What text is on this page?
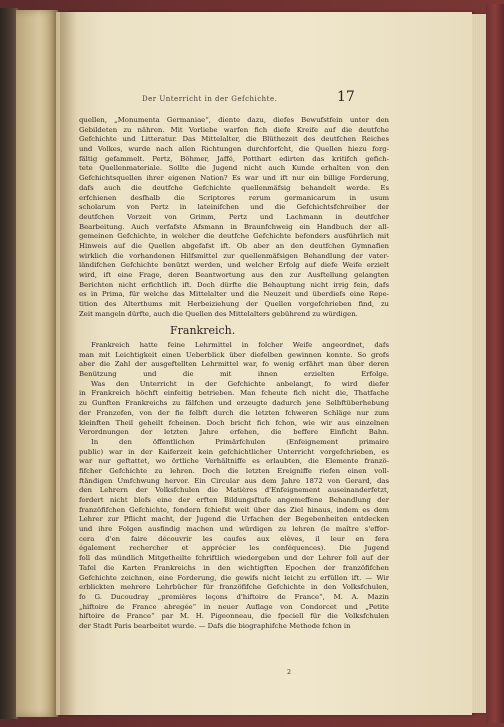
Der Unterricht in der Gefchichte.	17
quellen, „Monumenta Germaniae“, diente dazu, diefes Bewufstfein unter den
Gebildeten zu nähren. Mit Vorliebe warfen fich diefe Kreife auf die deutfche
Gefchichte und Litteratur. Das Mittelalter, die Blüthezeit des deutfchen Reiches
und Volkes, wurde nach allen Richtungen durchforfcht, die Quellen hiezu forg-
fältig gefammelt. Pertz, Böhmer, Jaffé, Potthart edirten das kritifch gefich-
tete Quellenmateriale. Sollte die Jugend nicht auch Kunde erhalten von den
Gefchichtsquellen ihrer eigenen Nation? Es war und ift nur ein billige Forderung,
dafs auch die deutfche Gefchichte quellenmäfsig behandelt werde. Es
erfchienen desfhalb die Scriptores rerum germanicarum in usum
scholarum von Pertz in lateinifchen und die Gefchichtsfchreiber der
deutfchen Vorzeit von Grimm, Pertz und Lachmann in deutfcher
Bearbeitung. Auch verfafste Afsmann in Braunfchweig ein Handbuch der all-
gemeinen Gefchichte, in welcher die deutfche Gefchichte befonders ausführlich mit
Hinweis auf die Quellen abgefafst ift. Ob aber an den deutfchen Gymnafien
wirklich die vorhandenen Hilfsmittel zur quellenmäfsigen Behandlung der vater-
ländifchen Gefchichte benützt werden, und welcher Erfolg auf diefe Weife erzielt
wird, ift eine Frage, deren Beantwortung aus den zur Ausftellung gelangten
Berichten nicht erfichtlich ift. Doch dürfte die Behauptung nicht irrig fein, dafs
es in Prima, für welche das Mittelalter und die Neuzeit und überdiefs eine Repe-
tition des Alterthums mit Herbeiziehung der Quellen vorgefchrieben find, zu
Zeit mangeln dürfte, auch die Quellen des Mittelalters gebührend zu würdigen.
Frankreich.
Frankreich hatte feine Lehrmittel in folcher Weife angeordnet, dafs
man mit Leichtigkeit einen Ueberblick über diefelben gewinnen konnte. So grofs
aber die Zahl der ausgeftellten Lehrmittel war, fo wenig erfährt man über deren
Benützung und die mit ihnen erzielten Erfolge.
Was den Unterricht in der Gefchichte anbelangt, fo wird diefer
in Frankreich höchft einfeitig betrieben. Man fcheute fich nicht die, Thatfache
zu Gunften Frankreichs zu fälfchen und erzeugte dadurch jene Selbftüberhebung
der Franzofen, von der fie felbft durch die letzten fchweren Schläge nur zum
kleinften Theil geheilt fcheinen. Doch bricht fich fchon, wie wir aus einzelnen
Verordnungen der letzten Jahre erfehen, die beffere Einficht Bahn.
In den öffentlichen Primärfchulen (Enfeignement primaire
public) war in der Kaiferzeit kein gefchichtlicher Unterricht vorgefchrieben, es
war nur geftattet, wo örtliche Verhältniffe es erlaubten, die Elemente franzö-
fifcher Gefchichte zu lehren. Doch die letzten Ereigniffe riefen einen voll-
ftändigen Umfchwung hervor. Ein Circular aus dem Jahre 1872 von Gerard, das
den Lehrern der Volksfchulen die Matières d'Enfeignement auseinanderfetzt,
fordert nicht blofs eine der erften Bildungsftufe angemeffene Behandlung der
franzöfifchen Gefchichte, fondern fchiefst weit über das Ziel hinaus, indem es dem
Lehrer zur Pflicht macht, der Jugend die Urfachen der Begebenheiten entdecken
und ihre Folgen ausfindig machen und würdigen zu lehren (le maître s'effor-
cera d'en faire découvrir les caufes aux elèves, il leur en fera
également rechercher et apprécier les conféquences). Die Jugend
foll das mündlich Mitgetheilte fchriftlich wiedergeben und der Lehrer foll auf der
Tafel die Karten Frankreichs in den wichtigften Epochen der franzöfifchen
Gefchichte zeichnen, eine Forderung, die gewifs nicht leicht zu erfüllen ift. — Wir
erblickten mehrere Lehrbücher für franzöfifche Gefchichte in den Volksfchulen,
fo G. Ducoudray „premières leçons d'hiftoire de France“, M. A. Mazin
„hiftoire de France abregée“ in neuer Auflage von Condorcet und „Petite
hiftoire de France“ par M. H. Pigeonneau, die fpeciell für die Volksfchulen
der Stadt Paris bearbeitet wurde. — Dafs die biographifche Methode fchon in
2
